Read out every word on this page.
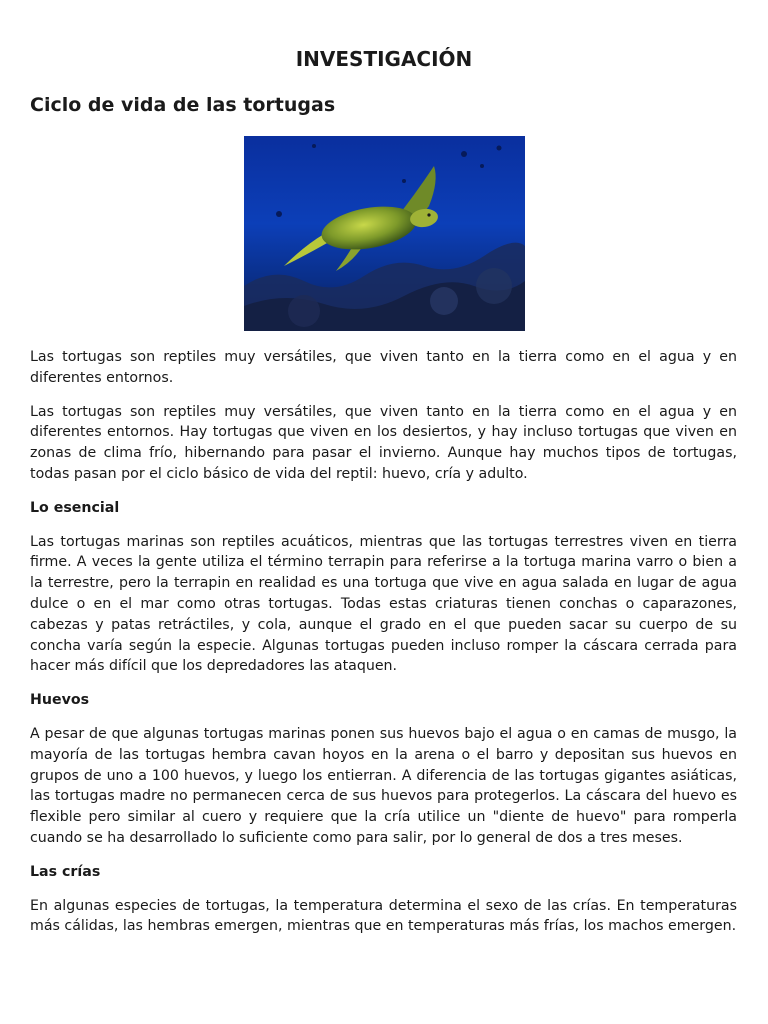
INVESTIGACIÓN
Ciclo de vida de las tortugas

Las tortugas son reptiles muy versátiles, que viven tanto en la tierra como en el agua y en diferentes entornos.

Las tortugas son reptiles muy versátiles, que viven tanto en la tierra como en el agua y en diferentes entornos. Hay tortugas que viven en los desiertos, y hay incluso tortugas que viven en zonas de clima frío, hibernando para pasar el invierno. Aunque hay muchos tipos de tortugas, todas pasan por el ciclo básico de vida del reptil: huevo, cría y adulto.

Lo esencial

Las tortugas marinas son reptiles acuáticos, mientras que las tortugas terrestres viven en tierra firme. A veces la gente utiliza el término terrapin para referirse a la tortuga marina varro o bien a la terrestre, pero la terrapin en realidad es una tortuga que vive en agua salada en lugar de agua dulce o en el mar como otras tortugas. Todas estas criaturas tienen conchas o caparazones, cabezas y patas retráctiles, y cola, aunque el grado en el que pueden sacar su cuerpo de su concha varía según la especie. Algunas tortugas pueden incluso romper la cáscara cerrada para hacer más difícil que los depredadores las ataquen.

Huevos

A pesar de que algunas tortugas marinas ponen sus huevos bajo el agua o en camas de musgo, la mayoría de las tortugas hembra cavan hoyos en la arena o el barro y depositan sus huevos en grupos de uno a 100 huevos, y luego los entierran. A diferencia de las tortugas gigantes asiáticas, las tortugas madre no permanecen cerca de sus huevos para protegerlos. La cáscara del huevo es flexible pero similar al cuero y requiere que la cría utilice un "diente de huevo" para romperla cuando se ha desarrollado lo suficiente como para salir, por lo general de dos a tres meses.

Las crías

En algunas especies de tortugas, la temperatura determina el sexo de las crías. En temperaturas más cálidas, las hembras emergen, mientras que en temperaturas más frías, los machos emergen.
